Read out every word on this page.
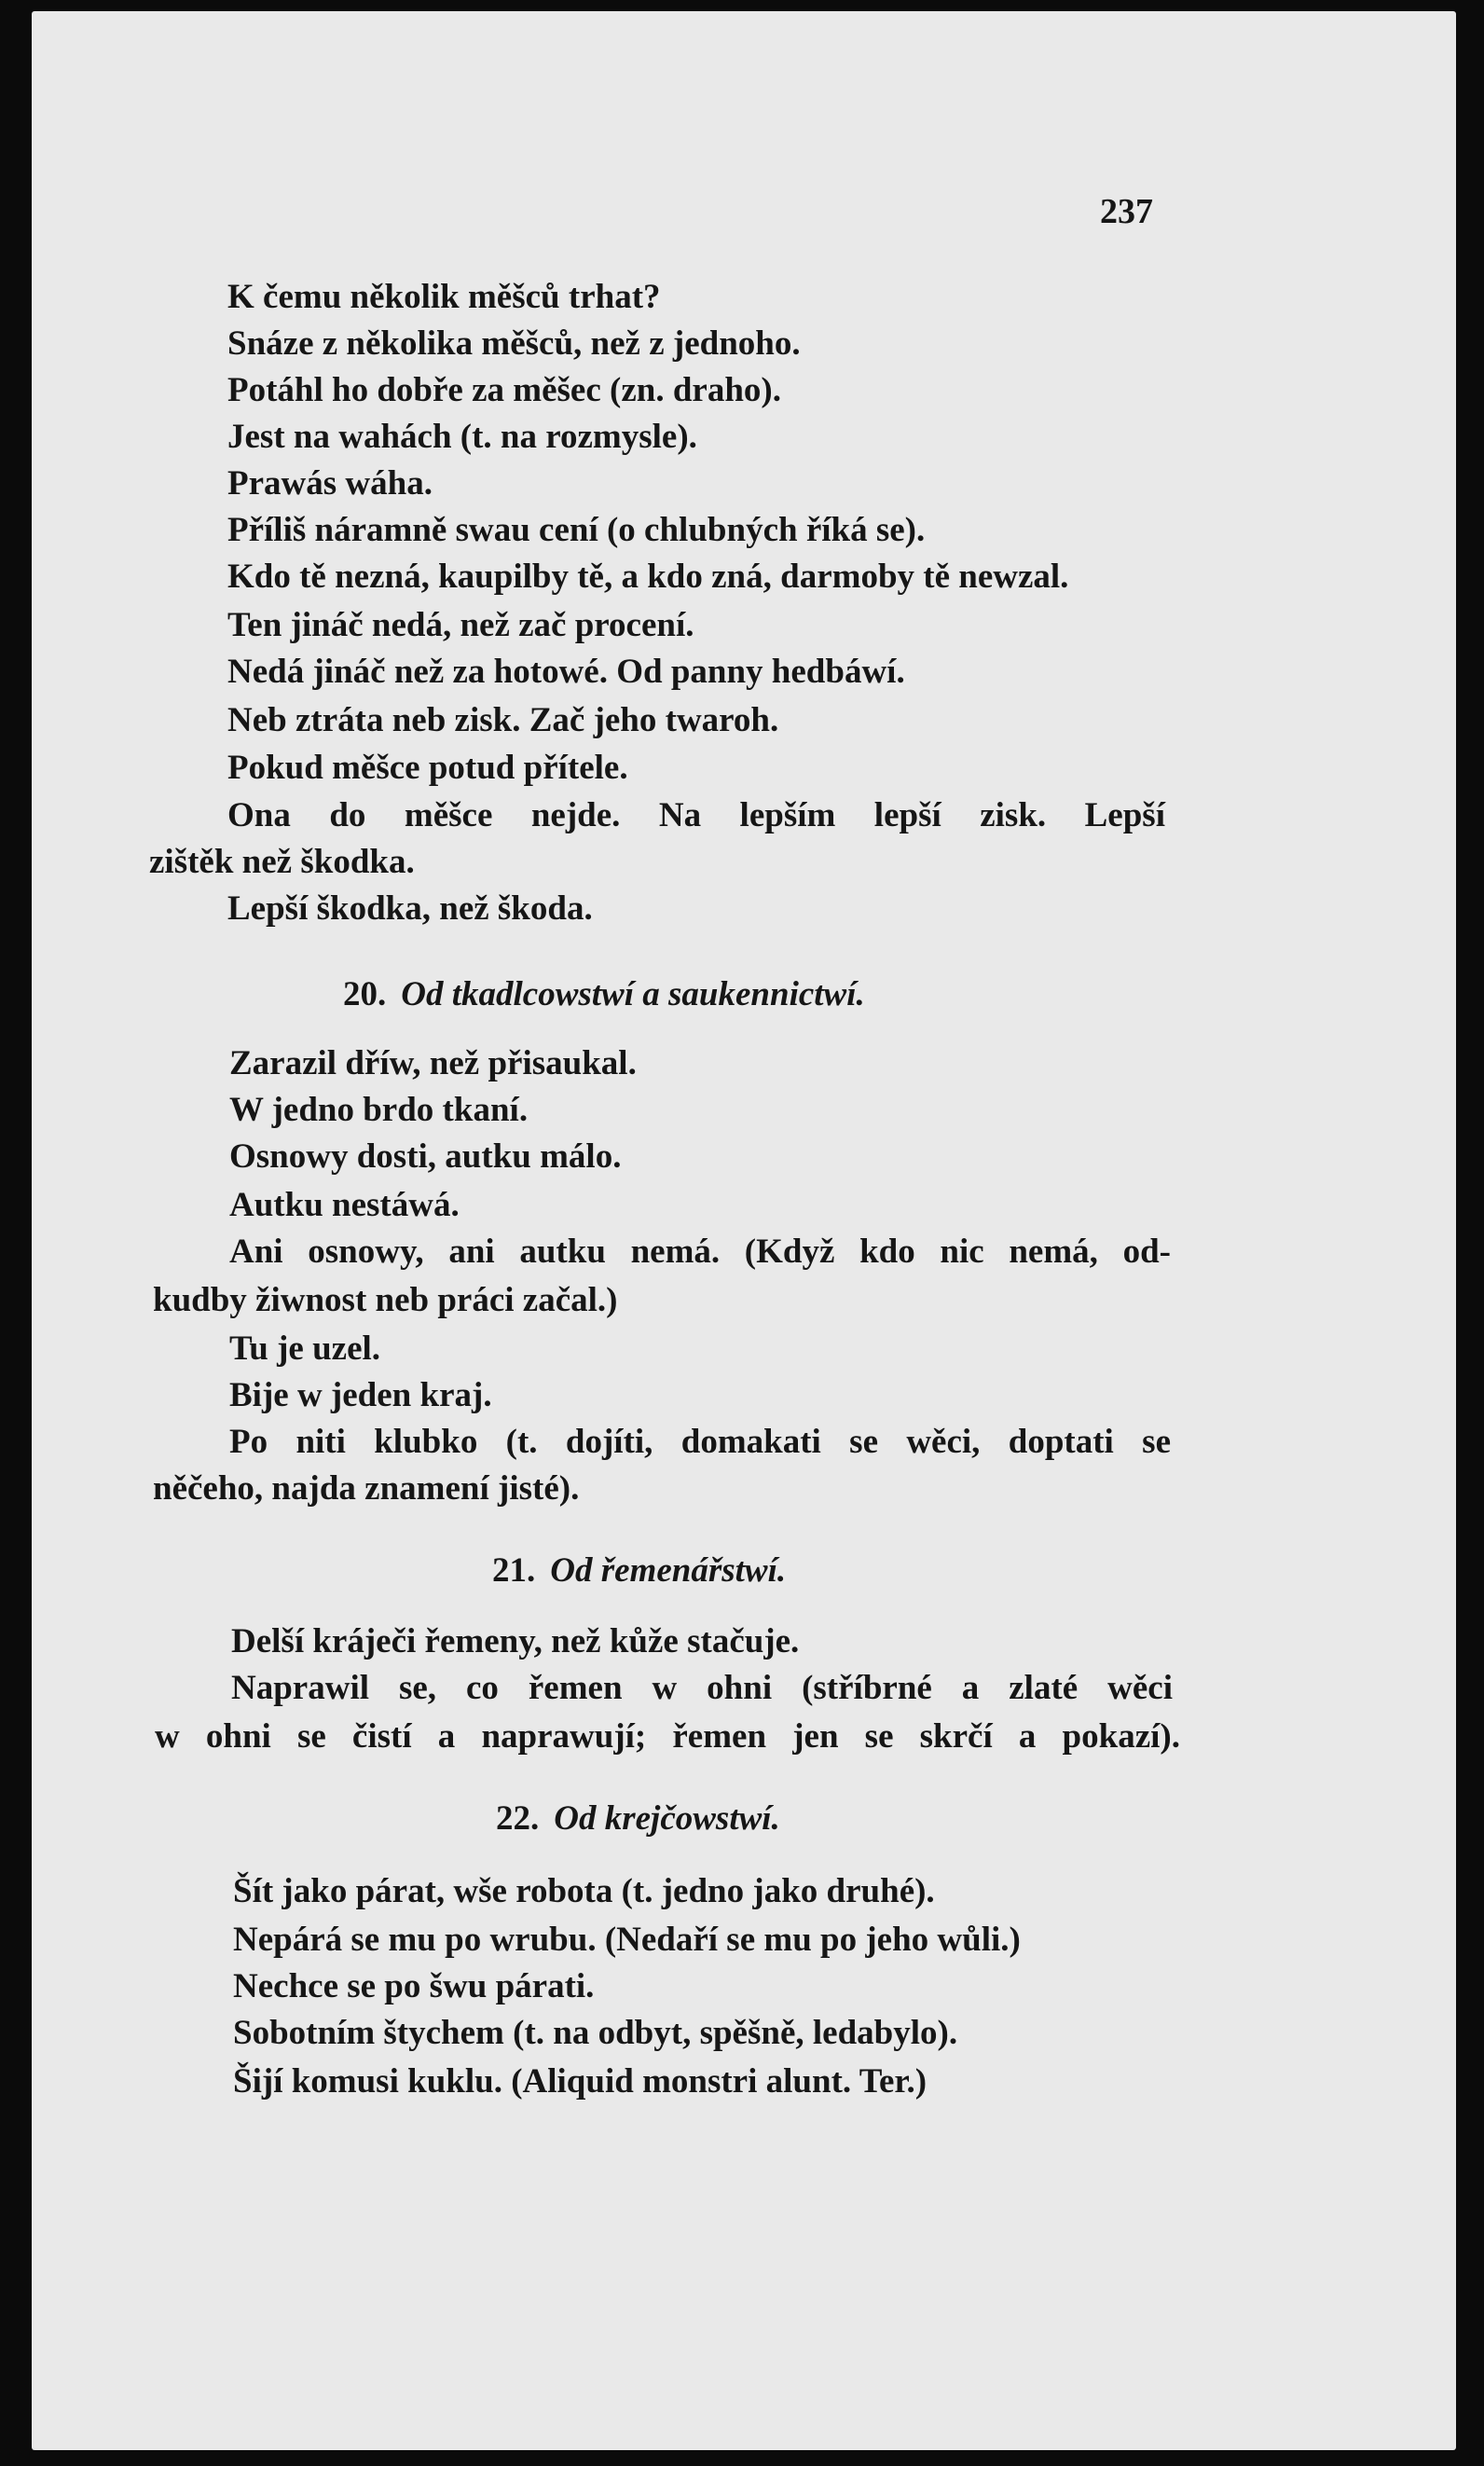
237
K čemu několik měšců trhat?
Snáze z několika měšců, než z jednoho.
Potáhl ho dobře za měšec (zn. draho).
Jest na wahách (t. na rozmysle).
Prawás wáha.
Příliš náramně swau cení (o chlubných říká se).
Kdo tě nezná, kaupilby tě, a kdo zná, darmoby tě newzal.
Ten jináč nedá, než zač procení.
Nedá jináč než za hotowé. Od panny hedbáwí.
Neb ztráta neb zisk. Zač jeho twaroh.
Pokud měšce potud přítele.
Ona do měšce nejde. Na lepším lepší zisk. Lepší
zištěk než škodka.
Lepší škodka, než škoda.
20. Od tkadlcowstwí a saukennictwí.
Zarazil dříw, než přisaukal.
W jedno brdo tkaní.
Osnowy dosti, autku málo.
Autku nestáwá.
Ani osnowy, ani autku nemá. (Když kdo nic nemá, od-
kudby žiwnost neb práci začal.)
Tu je uzel.
Bije w jeden kraj.
Po niti klubko (t. dojíti, domakati se wěci, doptati se
něčeho, najda znamení jisté).
21. Od řemenářstwí.
Delší kráječi řemeny, než kůže stačuje.
Naprawil se, co řemen w ohni (stříbrné a zlaté wěci
w ohni se čistí a naprawují; řemen jen se skrčí a pokazí).
22. Od krejčowstwí.
Šít jako párat, wše robota (t. jedno jako druhé).
Nepárá se mu po wrubu. (Nedaří se mu po jeho wůli.)
Nechce se po šwu párati.
Sobotním štychem (t. na odbyt, spěšně, ledabylo).
Šijí komusi kuklu. (Aliquid monstri alunt. Ter.)
